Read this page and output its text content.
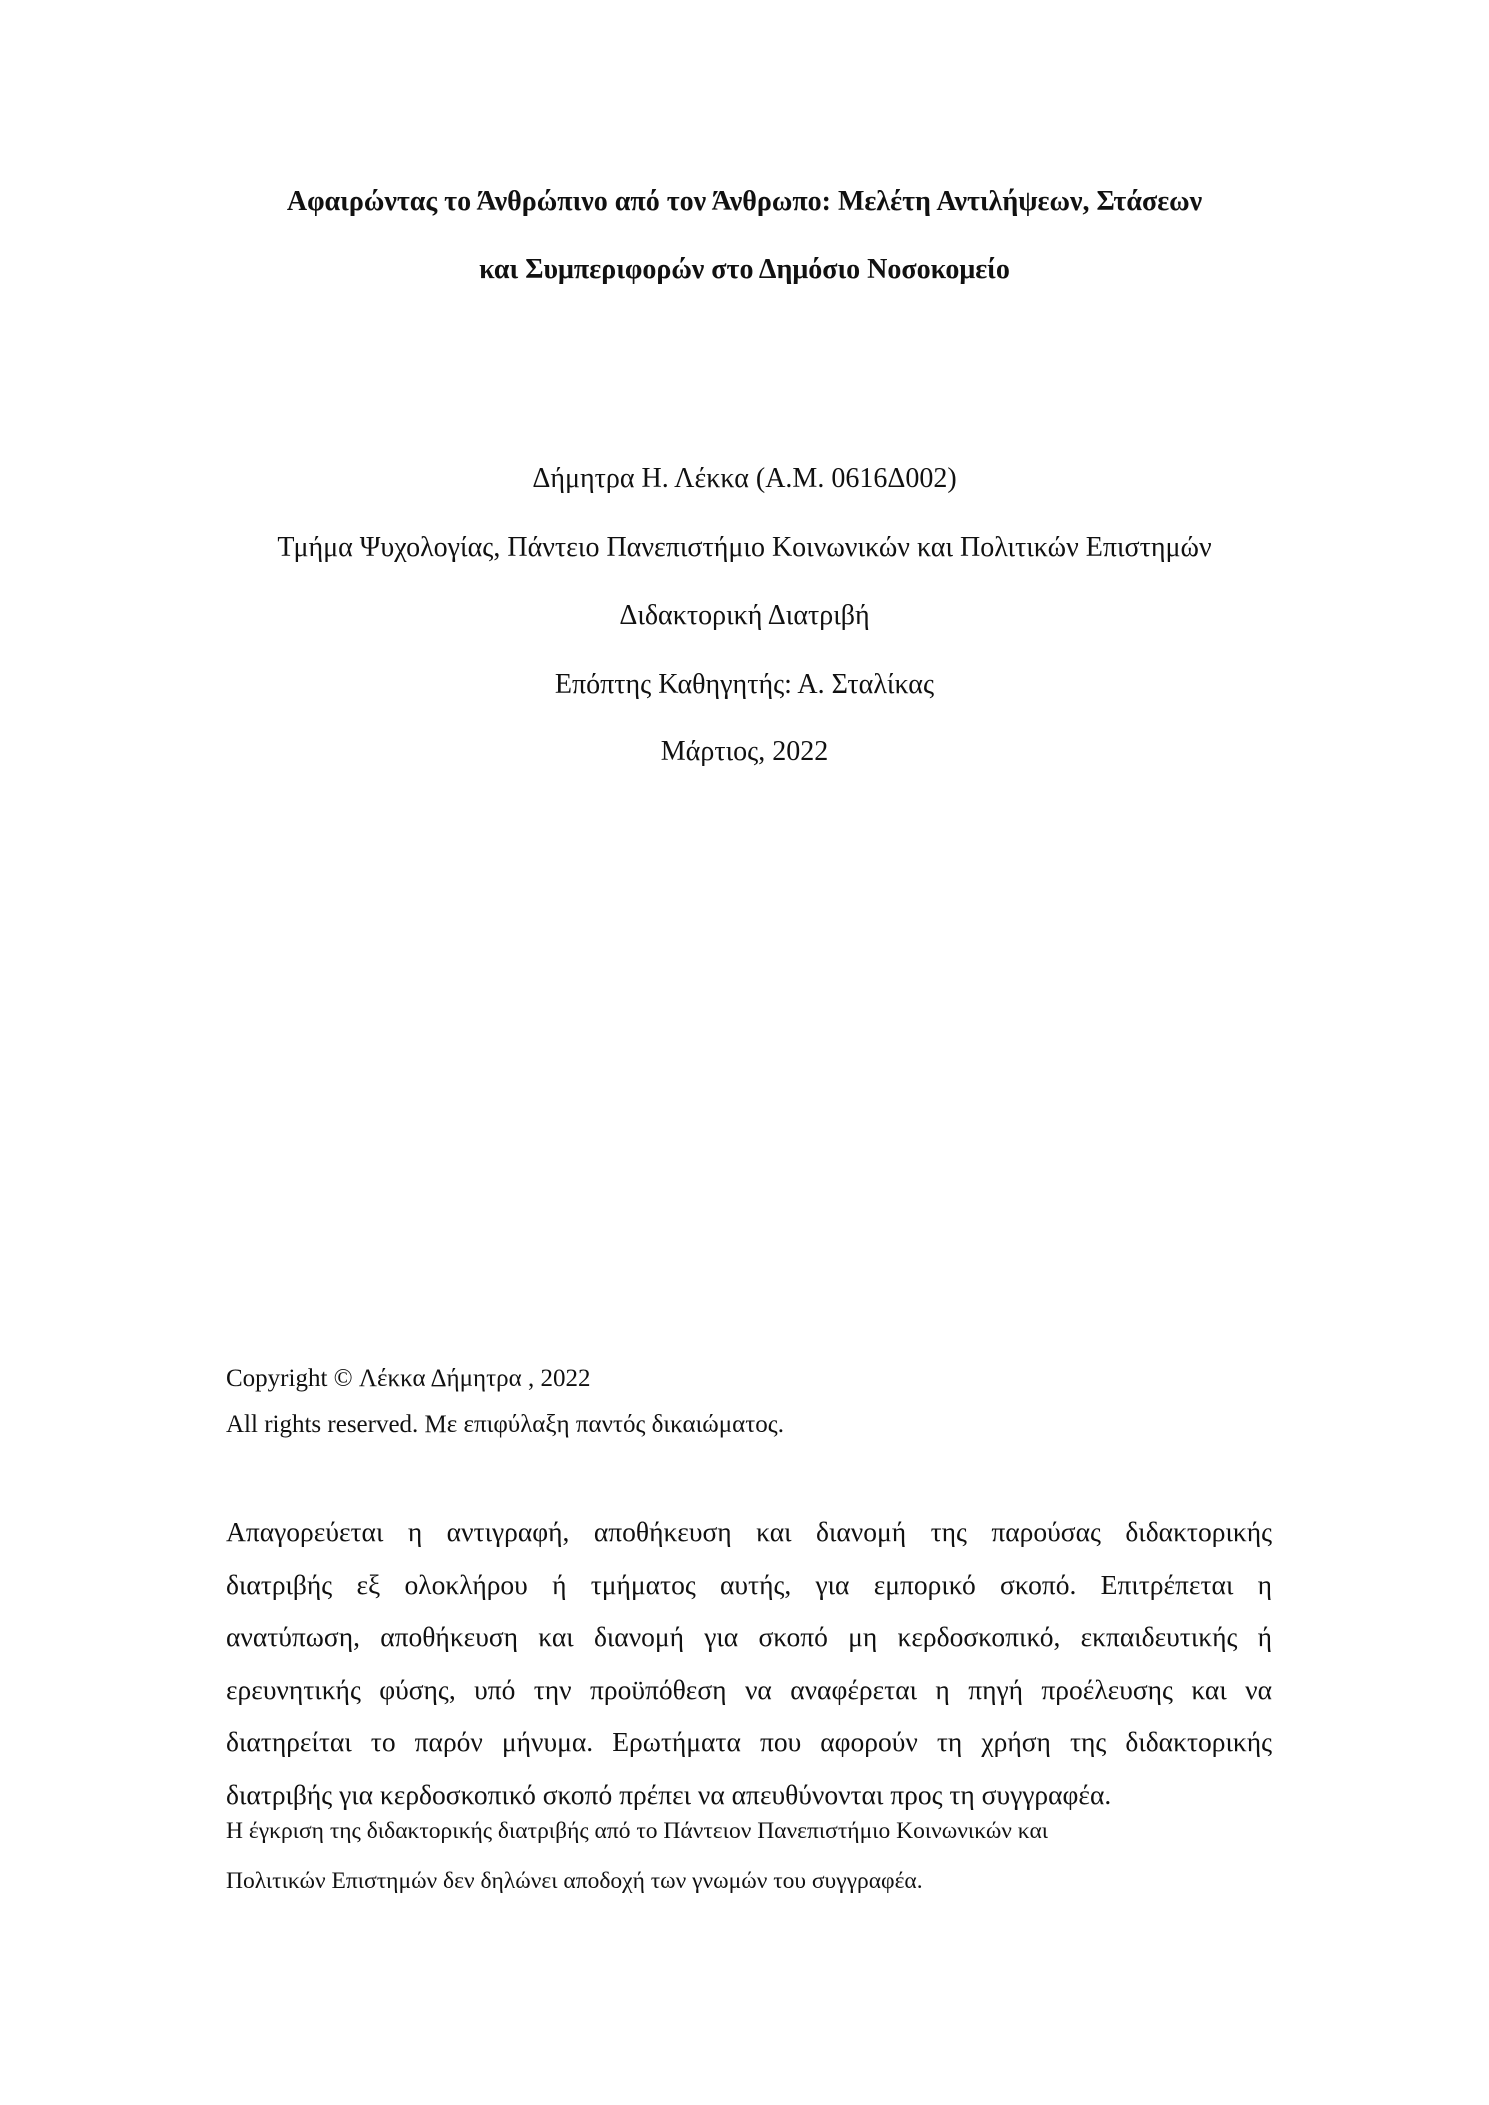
Αφαιρώντας το Άνθρώπινο από τον Άνθρωπο: Μελέτη Αντιλήψεων, Στάσεων
και Συμπεριφορών στο Δημόσιο Νοσοκομείο
Δήμητρα Η. Λέκκα (Α.Μ. 0616Δ002)
Τμήμα Ψυχολογίας, Πάντειο Πανεπιστήμιο Κοινωνικών και Πολιτικών Επιστημών
Διδακτορική Διατριβή
Επόπτης Καθηγητής: Α. Σταλίκας
Μάρτιος, 2022
Copyright © Λέκκα Δήμητρα , 2022
All rights reserved. Με επιφύλαξη παντός δικαιώματος.
Απαγορεύεται η αντιγραφή, αποθήκευση και διανομή της παρούσας διδακτορικής
διατριβής εξ ολοκλήρου ή τμήματος αυτής, για εμπορικό σκοπό. Επιτρέπεται η
ανατύπωση, αποθήκευση και διανομή για σκοπό μη κερδοσκοπικό, εκπαιδευτικής ή
ερευνητικής φύσης, υπό την προϋπόθεση να αναφέρεται η πηγή προέλευσης και να
διατηρείται το παρόν μήνυμα. Ερωτήματα που αφορούν τη χρήση της διδακτορικής
διατριβής για κερδοσκοπικό σκοπό πρέπει να απευθύνονται προς τη συγγραφέα.
Η έγκριση της διδακτορικής διατριβής από το Πάντειον Πανεπιστήμιο Κοινωνικών και
Πολιτικών Επιστημών δεν δηλώνει αποδοχή των γνωμών του συγγραφέα.
